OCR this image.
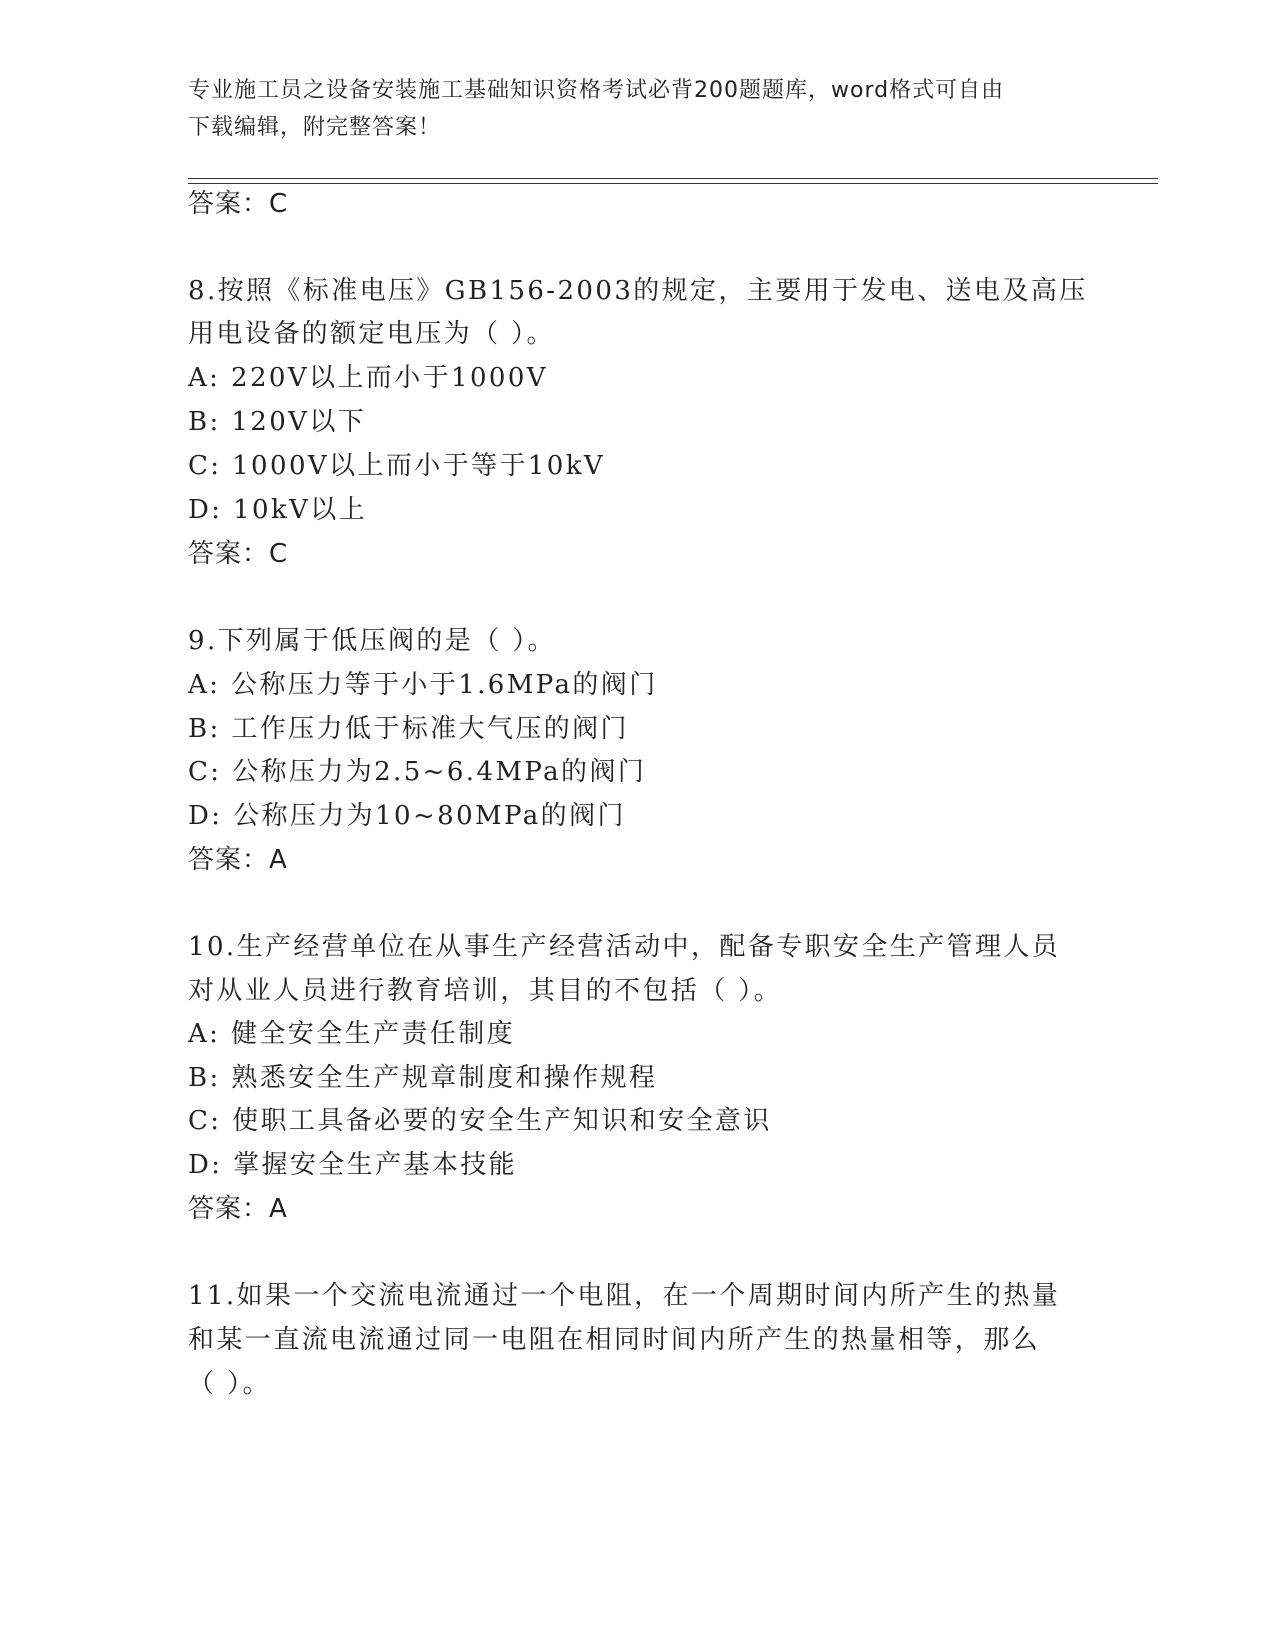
专业施工员之设备安装施工基础知识资格考试必背200题题库，word格式可自由
下载编辑，附完整答案！
答案：C
8.按照《标准电压》GB156-2003的规定，主要用于发电、送电及高压
用电设备的额定电压为（ ）。
A: 220V以上而小于1000V
B: 120V以下
C: 1000V以上而小于等于10kV
D: 10kV以上
答案：C
9.下列属于低压阀的是（ ）。
A: 公称压力等于小于1.6MPa的阀门
B: 工作压力低于标准大气压的阀门
C: 公称压力为2.5~6.4MPa的阀门
D: 公称压力为10~80MPa的阀门
答案：A
10.生产经营单位在从事生产经营活动中，配备专职安全生产管理人员
对从业人员进行教育培训，其目的不包括（ ）。
A: 健全安全生产责任制度
B: 熟悉安全生产规章制度和操作规程
C: 使职工具备必要的安全生产知识和安全意识
D: 掌握安全生产基本技能
答案：A
11.如果一个交流电流通过一个电阻，在一个周期时间内所产生的热量
和某一直流电流通过同一电阻在相同时间内所产生的热量相等，那么
（ ）。
